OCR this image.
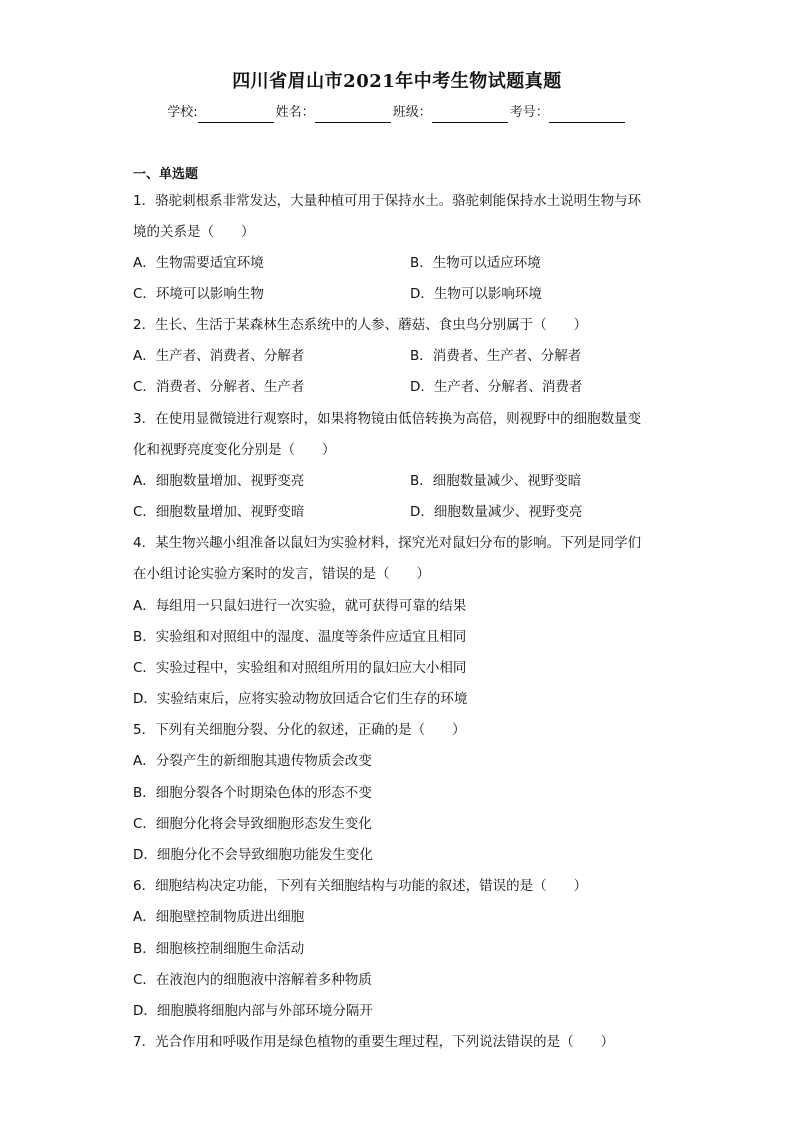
四川省眉山市2021年中考生物试题真题
学校:	姓名：	班级：	考号：
一、单选题
1．骆驼刺根系非常发达，大量种植可用于保持水土。骆驼刺能保持水土说明生物与环
境的关系是（　　）
A．生物需要适宜环境	B．生物可以适应环境
C．环境可以影响生物	D．生物可以影响环境
2．生长、生活于某森林生态系统中的人参、蘑菇、食虫鸟分别属于（　　）
A．生产者、消费者、分解者	B．消费者、生产者、分解者
C．消费者、分解者、生产者	D．生产者、分解者、消费者
3．在使用显微镜进行观察时，如果将物镜由低倍转换为高倍，则视野中的细胞数量变
化和视野亮度变化分别是（　　）
A．细胞数量增加、视野变亮	B．细胞数量减少、视野变暗
C．细胞数量增加、视野变暗	D．细胞数量减少、视野变亮
4．某生物兴趣小组准备以鼠妇为实验材料，探究光对鼠妇分布的影响。下列是同学们
在小组讨论实验方案时的发言，错误的是（　　）
A．每组用一只鼠妇进行一次实验，就可获得可靠的结果
B．实验组和对照组中的湿度、温度等条件应适宜且相同
C．实验过程中，实验组和对照组所用的鼠妇应大小相同
D．实验结束后，应将实验动物放回适合它们生存的环境
5．下列有关细胞分裂、分化的叙述，正确的是（　　）
A．分裂产生的新细胞其遗传物质会改变
B．细胞分裂各个时期染色体的形态不变
C．细胞分化将会导致细胞形态发生变化
D．细胞分化不会导致细胞功能发生变化
6．细胞结构决定功能，下列有关细胞结构与功能的叙述，错误的是（　　）
A．细胞壁控制物质进出细胞
B．细胞核控制细胞生命活动
C．在液泡内的细胞液中溶解着多种物质
D．细胞膜将细胞内部与外部环境分隔开
7．光合作用和呼吸作用是绿色植物的重要生理过程，下列说法错误的是（　　）
